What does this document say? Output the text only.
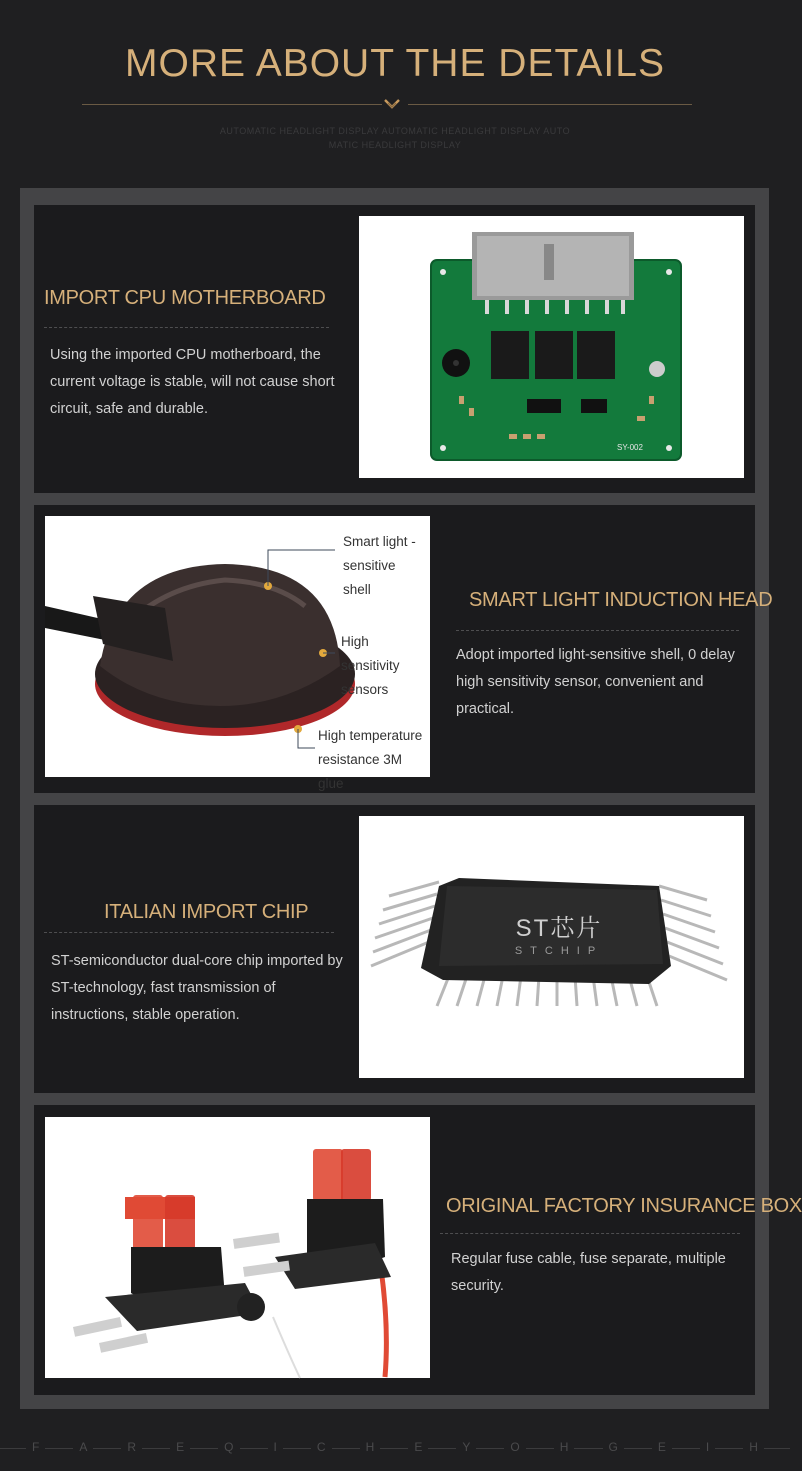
MORE ABOUT THE DETAILS
AUTOMATIC HEADLIGHT DISPLAY AUTOMATIC HEADLIGHT DISPLAY AUTO MATIC HEADLIGHT DISPLAY
IMPORT CPU MOTHERBOARD
Using the imported CPU motherboard, the current voltage is stable, will not cause short circuit, safe and durable.
SY-002
Smart light - sensitive shell
High sensitivity sensors
High temperature resistance 3M glue
SMART LIGHT INDUCTION HEAD
Adopt imported light-sensitive shell, 0 delay high sensitivity sensor, convenient and practical.
ITALIAN IMPORT CHIP
ST-semiconductor dual-core chip imported by ST-technology, fast transmission of instructions, stable operation.
ST芯片
STCHIP
ORIGINAL FACTORY INSURANCE BOX
Regular fuse cable, fuse separate, multiple security.
F	A	R	E	Q	I	C	H	E	Y	O	H	G	E	I	H
